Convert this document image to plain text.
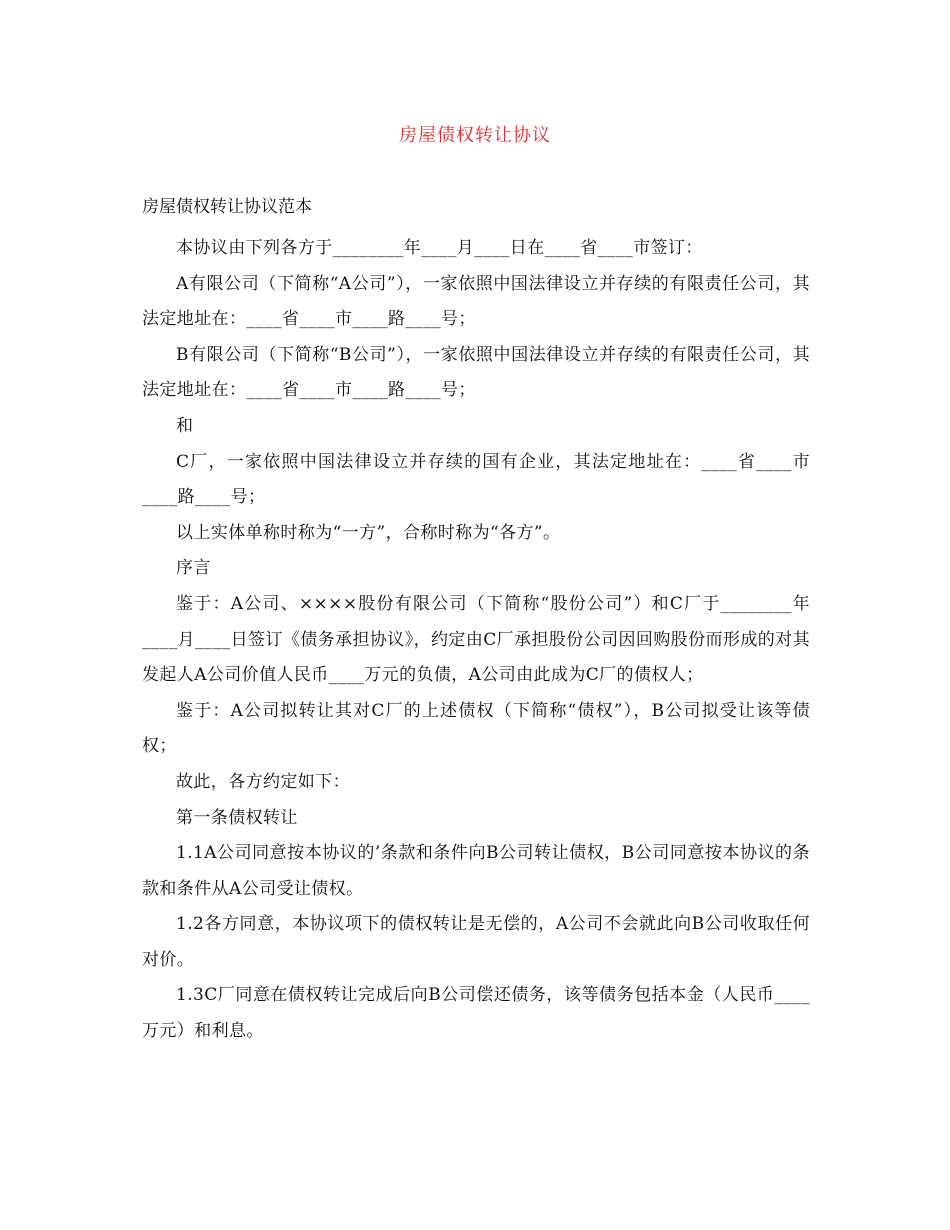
房屋债权转让协议
房屋债权转让协议范本

本协议由下列各方于________年____月____日在____省____市签订：

A有限公司（下简称“A公司”），一家依照中国法律设立并存续的有限责任公司，其法定地址在：____省____市____路____号；

B有限公司（下简称“B公司”），一家依照中国法律设立并存续的有限责任公司，其法定地址在：____省____市____路____号；

和

C厂，一家依照中国法律设立并存续的国有企业，其法定地址在：____省____市____路____号；

以上实体单称时称为“一方”，合称时称为“各方”。

序言

鉴于：A公司、××××股份有限公司（下简称“股份公司”）和C厂于________年____月____日签订《债务承担协议》，约定由C厂承担股份公司因回购股份而形成的对其发起人A公司价值人民币____万元的负债，A公司由此成为C厂的债权人；

鉴于：A公司拟转让其对C厂的上述债权（下简称“债权”），B公司拟受让该等债权；

故此，各方约定如下：

第一条债权转让

1.1A公司同意按本协议的’条款和条件向B公司转让债权，B公司同意按本协议的条款和条件从A公司受让债权。

1.2各方同意，本协议项下的债权转让是无偿的，A公司不会就此向B公司收取任何对价。

1.3C厂同意在债权转让完成后向B公司偿还债务，该等债务包括本金（人民币____万元）和利息。
